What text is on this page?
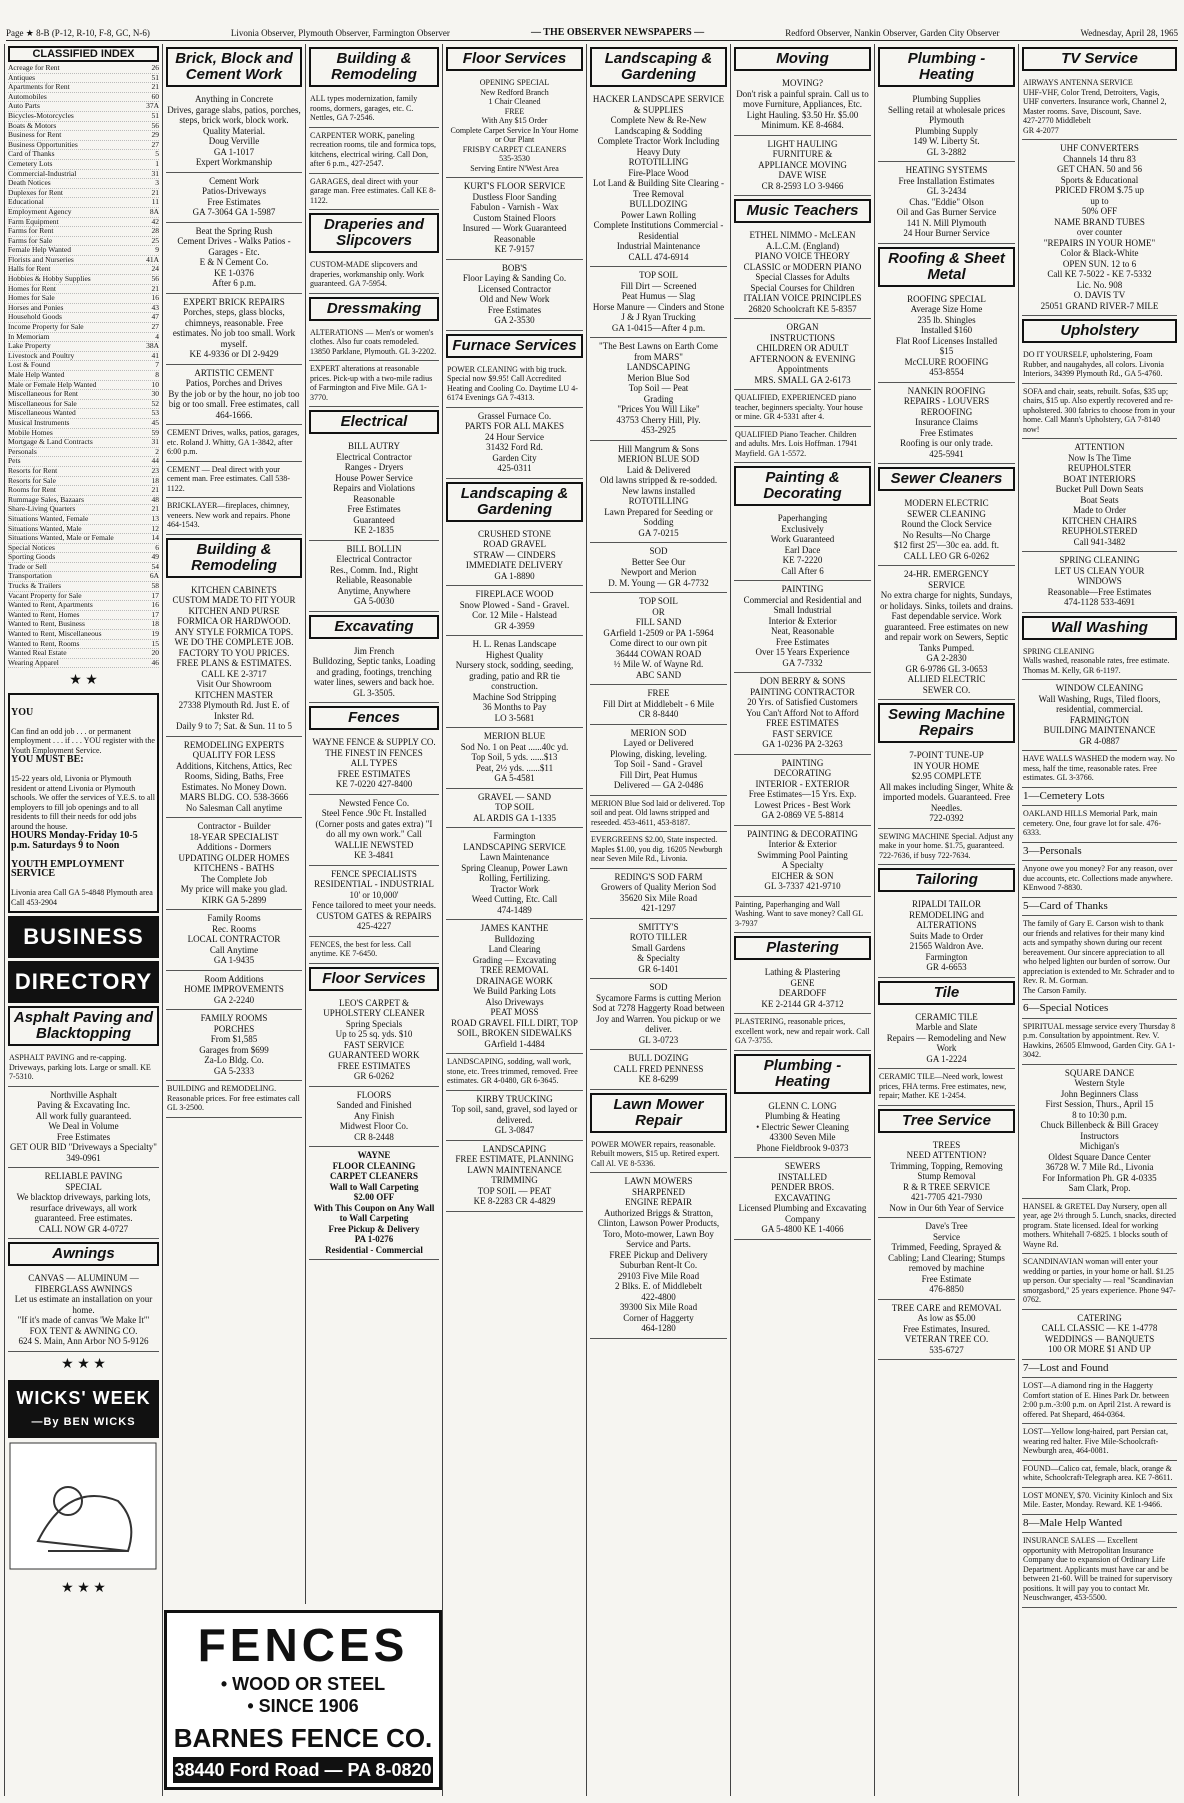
Page ★ 8-B (P-12, R-10, F-8, GC, N-6)	Livonia Observer, Plymouth Observer, Farmington Observer	— THE OBSERVER NEWSPAPERS —	Redford Observer, Nankin Observer, Garden City Observer	Wednesday, April 28, 1965
CLASSIFIED INDEX
Acreage for Rent	26
Antiques	51
Apartments for Rent	21
Automobiles	60
Auto Parts	37A
Bicycles-Motorcycles	51
Boats & Motors	56
Business for Rent	29
Business Opportunities	27
Card of Thanks	5
Cemetery Lots	1
Commercial-Industrial	31
Death Notices	3
Duplexes for Rent	21
Educational	11
Employment Agency	8A
Farm Equipment	42
Farms for Rent	28
Farms for Sale	25
Female Help Wanted	9
Florists and Nurseries	41A
Halls for Rent	24
Hobbies & Hobby Supplies	56
Homes for Rent	21
Homes for Sale	16
Horses and Ponies	43
Household Goods	47
Income Property for Sale	27
In Memoriam	4
Lake Property	38A
Livestock and Poultry	41
Lost & Found	7
Male Help Wanted	8
Male or Female Help Wanted	10
Miscellaneous for Rent	30
Miscellaneous for Sale	52
Miscellaneous Wanted	53
Musical Instruments	45
Mobile Homes	59
Mortgage & Land Contracts	31
Personals	2
Pets	44
Resorts for Rent	23
Resorts for Sale	18
Rooms for Rent	21
Rummage Sales, Bazaars	48
Share-Living Quarters	21
Situations Wanted, Female	13
Situations Wanted, Male	12
Situations Wanted, Male or Female	14
Special Notices	6
Sporting Goods	49
Trade or Sell	54
Transportation	6A
Trucks & Trailers	58
Vacant Property for Sale	17
Wanted to Rent, Apartments	16
Wanted to Rent, Homes	17
Wanted to Rent, Business	18
Wanted to Rent, Miscellaneous	19
Wanted to Rent, Rooms	15
Wanted Real Estate	20
Wearing Apparel	46
★ ★

YOU

Can find an odd job . . . or permanent employment . . . if . . . YOU register with the Youth Employment Service.

YOU MUST BE:

15-22 years old, Livonia or Plymouth resident or attend Livonia or Plymouth schools. We offer the services of Y.E.S. to all employers to fill job openings and to all residents to fill their needs for odd jobs around the house.

HOURS Monday-Friday 10-5 p.m. Saturdays 9 to Noon

YOUTH EMPLOYMENT SERVICE

Livonia area Call GA 5-4848 Plymouth area Call 453-2904

BUSINESS
DIRECTORY
Asphalt Paving and Blacktopping
ASPHALT PAVING and re-capping. Driveways, parking lots. Large or small. KE 7-5310.
Northville Asphalt
Paving & Excavating Inc.
All work fully guaranteed.
We Deal in Volume
Free Estimates
GET OUR BID "Driveways a Specialty"
349-0961
RELIABLE PAVING
SPECIAL
We blacktop driveways, parking lots, resurface driveways, all work guaranteed. Free estimates.
CALL NOW GR 4-0727
Awnings
CANVAS — ALUMINUM — FIBERGLASS AWNINGS
Let us estimate an installation on your home.
"If it's made of canvas 'We Make It'"
FOX TENT & AWNING CO.
624 S. Main, Ann Arbor NO 5-9126
★ ★ ★
WICKS' WEEK
—By BEN WICKS
★ ★ ★
Brick, Block and Cement Work
Anything in Concrete
Drives, garage slabs, patios, porches, steps, brick work, block work. Quality Material.
Doug Verville
GA 1-1017
Expert Workmanship
Cement Work
Patios-Driveways
Free Estimates
GA 7-3064 GA 1-5987
Beat the Spring Rush
Cement Drives - Walks Patios - Garages - Etc.
E & N Cement Co.
KE 1-0376
After 6 p.m.
EXPERT BRICK REPAIRS
Porches, steps, glass blocks, chimneys, reasonable. Free estimates. No job too small. Work myself.
KE 4-9336 or DI 2-9429
ARTISTIC CEMENT
Patios, Porches and Drives
By the job or by the hour, no job too big or too small. Free estimates, call 464-1666.
CEMENT Drives, walks, patios, garages, etc. Roland J. Whitty, GA 1-3842, after 6:00 p.m.
CEMENT — Deal direct with your cement man. Free estimates. Call 538-1122.
BRICKLAYER—fireplaces, chimney, veneers. New work and repairs. Phone 464-1543.
Building & Remodeling
KITCHEN CABINETS
CUSTOM MADE TO FIT YOUR KITCHEN AND PURSE FORMICA OR HARDWOOD. ANY STYLE FORMICA TOPS. WE DO THE COMPLETE JOB. FACTORY TO YOU PRICES. FREE PLANS & ESTIMATES.
CALL KE 2-3717
Visit Our Showroom
KITCHEN MASTER
27338 Plymouth Rd. Just E. of Inkster Rd.
Daily 9 to 7; Sat. & Sun. 11 to 5
REMODELING EXPERTS
QUALITY FOR LESS
Additions, Kitchens, Attics, Rec Rooms, Siding, Baths, Free Estimates. No Money Down.
MARS BLDG. CO. 538-3666
No Salesman Call anytime
Contractor - Builder
18-YEAR SPECIALIST
Additions - Dormers
UPDATING OLDER HOMES
KITCHENS - BATHS
The Complete Job
My price will make you glad.
KIRK GA 5-2899
Family Rooms
Rec. Rooms
LOCAL CONTRACTOR
Call Anytime
GA 1-9435
Room Additions
HOME IMPROVEMENTS
GA 2-2240
FAMILY ROOMS
PORCHES
From $1,585
Garages from $699
Za-Lo Bldg. Co.
GA 5-2333
BUILDING and REMODELING. Reasonable prices. For free estimates call GL 3-2500.
Building & Remodeling
ALL types modernization, family rooms, dormers, garages, etc. C. Nettles, GA 7-2546.
CARPENTER WORK, paneling recreation rooms, tile and formica tops, kitchens, electrical wiring. Call Don, after 6 p.m., 427-2547.
GARAGES, deal direct with your garage man. Free estimates. Call KE 8-1122.
Draperies and Slipcovers
CUSTOM-MADE slipcovers and draperies, workmanship only. Work guaranteed. GA 7-5954.
Dressmaking
ALTERATIONS — Men's or women's clothes. Also fur coats remodeled. 13850 Parklane, Plymouth. GL 3-2202.
EXPERT alterations at reasonable prices. Pick-up with a two-mile radius of Farmington and Five Mile. GA 1-3770.
Electrical
BILL AUTRY
Electrical Contractor
Ranges - Dryers
House Power Service
Repairs and Violations
Reasonable
Free Estimates
Guaranteed
KE 2-1835
BILL BOLLIN
Electrical Contractor
Res., Comm. Ind., Right
Reliable, Reasonable
Anytime, Anywhere
GA 5-0030
Excavating
Jim French
Bulldozing, Septic tanks, Loading and grading, footings, trenching water lines, sewers and back hoe. GL 3-3505.
Fences
WAYNE FENCE & SUPPLY CO.
THE FINEST IN FENCES
ALL TYPES
FREE ESTIMATES
KE 7-0220 427-8400
Newsted Fence Co.
Steel Fence .90c Ft. Installed (Corner posts and gates extra) "I do all my own work." Call
WALLIE NEWSTED
KE 3-4841
FENCE SPECIALISTS
RESIDENTIAL - INDUSTRIAL
10' or 10,000'
Fence tailored to meet your needs.
CUSTOM GATES & REPAIRS
425-4227
FENCES, the best for less. Call anytime. KE 7-6450.
Floor Services
LEO'S CARPET & UPHOLSTERY CLEANER
Spring Specials
Up to 25 sq. yds. $10
FAST SERVICE
GUARANTEED WORK
FREE ESTIMATES
GR 6-0262
FLOORS
Sanded and Finished
Any Finish
Midwest Floor Co.
CR 8-2448
WAYNE
FLOOR CLEANING
CARPET CLEANERS
Wall to Wall Carpeting
$2.00 OFF
With This Coupon on Any Wall to Wall Carpeting
Free Pickup & Delivery
PA 1-0276
Residential - Commercial
FENCES
• WOOD OR STEEL
• SINCE 1906
BARNES FENCE CO.
38440 Ford Road — PA 8-0820
Floor Services
OPENING SPECIAL
New Redford Branch
1 Chair Cleaned
FREE
With Any $15 Order
Complete Carpet Service In Your Home or Our Plant
FRISBY CARPET CLEANERS
535-3530
Serving Entire N'West Area
KURT'S FLOOR SERVICE
Dustless Floor Sanding
Fabulon - Varnish - Wax
Custom Stained Floors
Insured — Work Guaranteed
Reasonable
KE 7-9157
BOB'S
Floor Laying & Sanding Co.
Licensed Contractor
Old and New Work
Free Estimates
GA 2-3530
Furnace Services
POWER CLEANING with big truck. Special now $9.95! Call Accredited Heating and Cooling Co. Daytime LU 4-6174 Evenings GA 7-4313.
Grassel Furnace Co.
PARTS FOR ALL MAKES
24 Hour Service
31432 Ford Rd.
Garden City
425-0311
Landscaping & Gardening
CRUSHED STONE
ROAD GRAVEL
STRAW — CINDERS
IMMEDIATE DELIVERY
GA 1-8890
FIREPLACE WOOD
Snow Plowed - Sand - Gravel.
Cor. 12 Mile - Halstead
GR 4-3959
H. L. Renas Landscape
Highest Quality
Nursery stock, sodding, seeding, grading, patio and RR tie construction.
Machine Sod Stripping
36 Months to Pay
LO 3-5681
MERION BLUE
Sod No. 1 on Peat ......40c yd.
Top Soil, 5 yds. ......$13
Peat, 2½ yds. ......$11
GA 5-4581
GRAVEL — SAND
TOP SOIL
AL ARDIS GA 1-1335
Farmington
LANDSCAPING SERVICE
Lawn Maintenance
Spring Cleanup, Power Lawn Rolling, Fertilizing.
Tractor Work
Weed Cutting, Etc. Call
474-1489
JAMES KANTHE
Bulldozing
Land Clearing
Grading — Excavating
TREE REMOVAL
DRAINAGE WORK
We Build Parking Lots
Also Driveways
PEAT MOSS
ROAD GRAVEL FILL DIRT, TOP SOIL, BROKEN SIDEWALKS
GArfield 1-4484
LANDSCAPING, sodding, wall work, stone, etc. Trees trimmed, removed. Free estimates. GR 4-0480, GR 6-3645.
KIRBY TRUCKING
Top soil, sand, gravel, sod layed or delivered.
GL 3-0847
LANDSCAPING
FREE ESTIMATE, PLANNING
LAWN MAINTENANCE
TRIMMING
TOP SOIL — PEAT
KE 8-2283 CR 4-4829
Landscaping & Gardening
HACKER LANDSCAPE SERVICE & SUPPLIES
Complete New & Re-New Landscaping & Sodding
Complete Tractor Work Including Heavy Duty
ROTOTILLING
Fire-Place Wood
Lot Land & Building Site Clearing - Tree Removal
BULLDOZING
Power Lawn Rolling
Complete Institutions Commercial - Residential
Industrial Maintenance
CALL 474-6914
TOP SOIL
Fill Dirt — Screened
Peat Humus — Slag
Horse Manure — Cinders and Stone
J & J Ryan Trucking
GA 1-0415—After 4 p.m.
"The Best Lawns on Earth Come from MARS"
LANDSCAPING
Merion Blue Sod
Top Soil — Peat
Grading
"Prices You Will Like"
43753 Cherry Hill, Ply.
453-2925
Hill Mangrum & Sons
MERION BLUE SOD
Laid & Delivered
Old lawns stripped & re-sodded. New lawns installed
ROTOTILLING
Lawn Prepared for Seeding or Sodding
GA 7-0215
SOD
Better See Our
Newport and Merion
D. M. Young — GR 4-7732
TOP SOIL
OR
FILL SAND
GArfield 1-2509 or PA 1-5964
Come direct to our own pit
36444 COWAN ROAD
½ Mile W. of Wayne Rd.
ABC SAND
FREE
Fill Dirt at Middlebelt - 6 Mile
CR 8-8440
MERION SOD
Layed or Delivered
Plowing, disking, leveling.
Top Soil - Sand - Gravel
Fill Dirt, Peat Humus
Delivered — GA 2-0486
MERION Blue Sod laid or delivered. Top soil and peat. Old lawns stripped and reseeded. 453-4611, 453-8187.
EVERGREENS $2.00, State inspected. Maples $1.00, you dig. 16205 Newburgh near Seven Mile Rd., Livonia.
REDING'S SOD FARM
Growers of Quality Merion Sod
35620 Six Mile Road
421-1297
SMITTY'S
ROTO TILLER
Small Gardens
& Specialty
GR 6-1401
SOD
Sycamore Farms is cutting Merion Sod at 7278 Haggerty Road between Joy and Warren. You pickup or we deliver.
GL 3-0723
BULL DOZING
CALL FRED PENNESS
KE 8-6299
Lawn Mower Repair
POWER MOWER repairs, reasonable. Rebuilt mowers, $15 up. Retired expert. Call Al. VE 8-5336.
LAWN MOWERS
SHARPENED
ENGINE REPAIR
Authorized Briggs & Stratton, Clinton, Lawson Power Products, Toro, Moto-mower, Lawn Boy Service and Parts.
FREE Pickup and Delivery
Suburban Rent-It Co.
29103 Five Mile Road
2 Blks. E. of Middlebelt
422-4800
39300 Six Mile Road
Corner of Haggerty
464-1280
Moving
MOVING?
Don't risk a painful sprain. Call us to move Furniture, Appliances, Etc. Light Hauling. $3.50 Hr. $5.00 Minimum. KE 8-4684.
LIGHT HAULING
FURNITURE &
APPLIANCE MOVING
DAVE WISE
CR 8-2593 LO 3-9466
Music Teachers
ETHEL NIMMO - McLEAN
A.L.C.M. (England)
PIANO VOICE THEORY
CLASSIC or MODERN PIANO
Special Classes for Adults
Special Courses for Children
ITALIAN VOICE PRINCIPLES
26820 Schoolcraft KE 5-8357
ORGAN
INSTRUCTIONS
CHILDREN OR ADULT
AFTERNOON & EVENING
Appointments
MRS. SMALL GA 2-6173
QUALIFIED, EXPERIENCED piano teacher, beginners specialty. Your house or mine. GR 4-5331 after 4.
QUALIFIED Piano Teacher. Children and adults. Mrs. Lois Hoffman. 17941 Mayfield. GA 1-5572.
Painting & Decorating
Paperhanging
Exclusively
Work Guaranteed
Earl Dace
KE 7-2220
Call After 6
PAINTING
Commercial and Residential and Small Industrial
Interior & Exterior
Neat, Reasonable
Free Estimates
Over 15 Years Experience
GA 7-7332
DON BERRY & SONS
PAINTING CONTRACTOR
20 Yrs. of Satisfied Customers
You Can't Afford Not to Afford
FREE ESTIMATES
FAST SERVICE
GA 1-0236 PA 2-3263
PAINTING
DECORATING
INTERIOR - EXTERIOR
Free Estimates—15 Yrs. Exp.
Lowest Prices - Best Work
GA 2-0869 VE 5-8814
PAINTING & DECORATING
Interior & Exterior
Swimming Pool Painting
A Specialty
EICHER & SON
GL 3-7337 421-9710
Painting, Paperhanging and Wall Washing. Want to save money? Call GL 3-7937
Plastering
Lathing & Plastering
GENE
DEARDOFF
KE 2-2144 GR 4-3712
PLASTERING, reasonable prices, excellent work, new and repair work. Call GA 7-3755.
Plumbing - Heating
GLENN C. LONG
Plumbing & Heating
• Electric Sewer Cleaning
43300 Seven Mile
Phone Fieldbrook 9-0373
SEWERS
INSTALLED
PENDER BROS.
EXCAVATING
Licensed Plumbing and Excavating Company
GA 5-4800 KE 1-4066
Plumbing - Heating
Plumbing Supplies
Selling retail at wholesale prices
Plymouth
Plumbing Supply
149 W. Liberty St.
GL 3-2882
HEATING SYSTEMS
Free Installation Estimates
GL 3-2434
Chas. "Eddie" Olson
Oil and Gas Burner Service
141 N. Mill Plymouth
24 Hour Burner Service
Roofing & Sheet Metal
ROOFING SPECIAL
Average Size Home
235 lb. Shingles
Installed $160
Flat Roof Licenses Installed
$15
McCLURE ROOFING
453-8554
NANKIN ROOFING
REPAIRS - LOUVERS
REROOFING
Insurance Claims
Free Estimates
Roofing is our only trade.
425-5941
Sewer Cleaners
MODERN ELECTRIC
SEWER CLEANING
Round the Clock Service
No Results—No Charge
$12 first 25'—30c ea. add. ft.
CALL LEO GR 6-0262
24-HR. EMERGENCY
SERVICE
No extra charge for nights, Sundays, or holidays. Sinks, toilets and drains. Fast dependable service. Work guaranteed. Free estimates on new and repair work on Sewers, Septic Tanks Pumped.
GA 2-2830
GR 6-9786 GL 3-0653
ALLIED ELECTRIC
SEWER CO.
Sewing Machine Repairs
7-POINT TUNE-UP
IN YOUR HOME
$2.95 COMPLETE
All makes including Singer, White & imported models. Guaranteed. Free Needles.
722-0392
SEWING MACHINE Special. Adjust any make in your home. $1.75, guaranteed. 722-7636, if busy 722-7634.
Tailoring
RIPALDI TAILOR
REMODELING and ALTERATIONS
Suits Made to Order
21565 Waldron Ave.
Farmington
GR 4-6653
Tile
CERAMIC TILE
Marble and Slate
Repairs — Remodeling and New Work
GA 1-2224
CERAMIC TILE—Need work, lowest prices, FHA terms. Free estimates, new, repair; Mather. KE 1-2454.
Tree Service
TREES
NEED ATTENTION?
Trimming, Topping, Removing Stump Removal
R & R TREE SERVICE
421-7705 421-7930
Now in Our 6th Year of Service
Dave's Tree
Service
Trimmed, Feeding, Sprayed & Cabling; Land Clearing; Stumps removed by machine
Free Estimate
476-8850
TREE CARE and REMOVAL
As low as $5.00
Free Estimates, Insured.
VETERAN TREE CO.
535-6727
TV Service
AIRWAYS ANTENNA SERVICE
UHF-VHF, Color Trend, Detroiters, Vagis, UHF converters. Insurance work, Channel 2, Master rooms. Save, Discount, Save.
427-2770 Middlebelt
GR 4-2077
UHF CONVERTERS
Channels 14 thru 83
GET CHAN. 50 and 56
Sports & Educational
PRICED FROM $.75 up
up to
50% OFF
NAME BRAND TUBES
over counter
"REPAIRS IN YOUR HOME"
Color & Black-White
OPEN SUN. 12 to 6
Call KE 7-5022 - KE 7-5332
Lic. No. 908
O. DAVIS TV
25051 GRAND RIVER-7 MILE
Upholstery
DO IT YOURSELF, upholstering, Foam Rubber, and naugahydes, all colors. Livonia Interiors, 34399 Plymouth Rd., GA 5-4760.
SOFA and chair, seats, rebuilt. Sofas, $35 up; chairs, $15 up. Also expertly recovered and re-upholstered. 300 fabrics to choose from in your home. Call Mann's Upholstery, GA 7-8140 now!
ATTENTION
Now Is The Time
REUPHOLSTER
BOAT INTERIORS
Bucket Pull Down Seats
Boat Seats
Made to Order
KITCHEN CHAIRS
REUPHOLSTERED
Call 941-3482
SPRING CLEANING
LET US CLEAN YOUR
WINDOWS
Reasonable—Free Estimates
474-1128 533-4691
Wall Washing
SPRING CLEANING
Walls washed, reasonable rates, free estimate. Thomas M. Kelly, GR 6-1197.
WINDOW CLEANING
Wall Washing, Rugs, Tiled floors, residential, commercial.
FARMINGTON
BUILDING MAINTENANCE
GR 4-0887
HAVE WALLS WASHED the modern way. No mess, half the time, reasonable rates. Free estimates. GL 3-3766.
1—Cemetery Lots
OAKLAND HILLS Memorial Park, main cemetery. One, four grave lot for sale. 476-6333.
3—Personals
Anyone owe you money? For any reason, over due accounts, etc. Collections made anywhere. KEnwood 7-8830.
5—Card of Thanks
The family of Gary E. Carson wish to thank our friends and relatives for their many kind acts and sympathy shown during our recent bereavement. Our sincere appreciation to all who helped lighten our burden of sorrow. Our appreciation is extended to Mr. Schrader and to Rev. R. M. Gorman.
The Carson Family.
6—Special Notices
SPIRITUAL message service every Thursday 8 p.m. Consultation by appointment. Rev. V. Hawkins, 26505 Elmwood, Garden City. GA 1-3042.
SQUARE DANCE
Western Style
John Beginners Class
First Session, Thurs., April 15
8 to 10:30 p.m.
Chuck Billenbeck & Bill Gracey
Instructors
Michigan's
Oldest Square Dance Center
36728 W. 7 Mile Rd., Livonia
For Information Ph. GR 4-0335
Sam Clark, Prop.
HANSEL & GRETEL Day Nursery, open all year, age 2½ through 5. Lunch, snacks, directed program. State licensed. Ideal for working mothers. Whitehall 7-6825. 1 blocks south of Wayne Rd.
SCANDINAVIAN woman will enter your wedding or parties, in your home or hall. $1.25 up person. Our specialty — real "Scandinavian smorgasbord," 25 years experience. Phone 947-0762.
CATERING
CALL CLASSIC — KE 1-4778
WEDDINGS — BANQUETS
100 OR MORE $1 AND UP
7—Lost and Found
LOST—A diamond ring in the Haggerty Comfort station of E. Hines Park Dr. between 2:00 p.m.-3:00 p.m. on April 21st. A reward is offered. Pat Shepard, 464-0364.
LOST—Yellow long-haired, part Persian cat, wearing red halter. Five Mile-Schoolcraft-Newburgh area, 464-0081.
FOUND—Calico cat, female, black, orange & white, Schoolcraft-Telegraph area. KE 7-8611.
LOST MONEY, $70. Vicinity Kinloch and Six Mile. Easter, Monday. Reward. KE 1-9466.
8—Male Help Wanted
INSURANCE SALES — Excellent opportunity with Metropolitan Insurance Company due to expansion of Ordinary Life Department. Applicants must have car and be between 21-60. Will be trained for supervisory positions. It will pay you to contact Mr. Neuschwanger, 453-5500.
